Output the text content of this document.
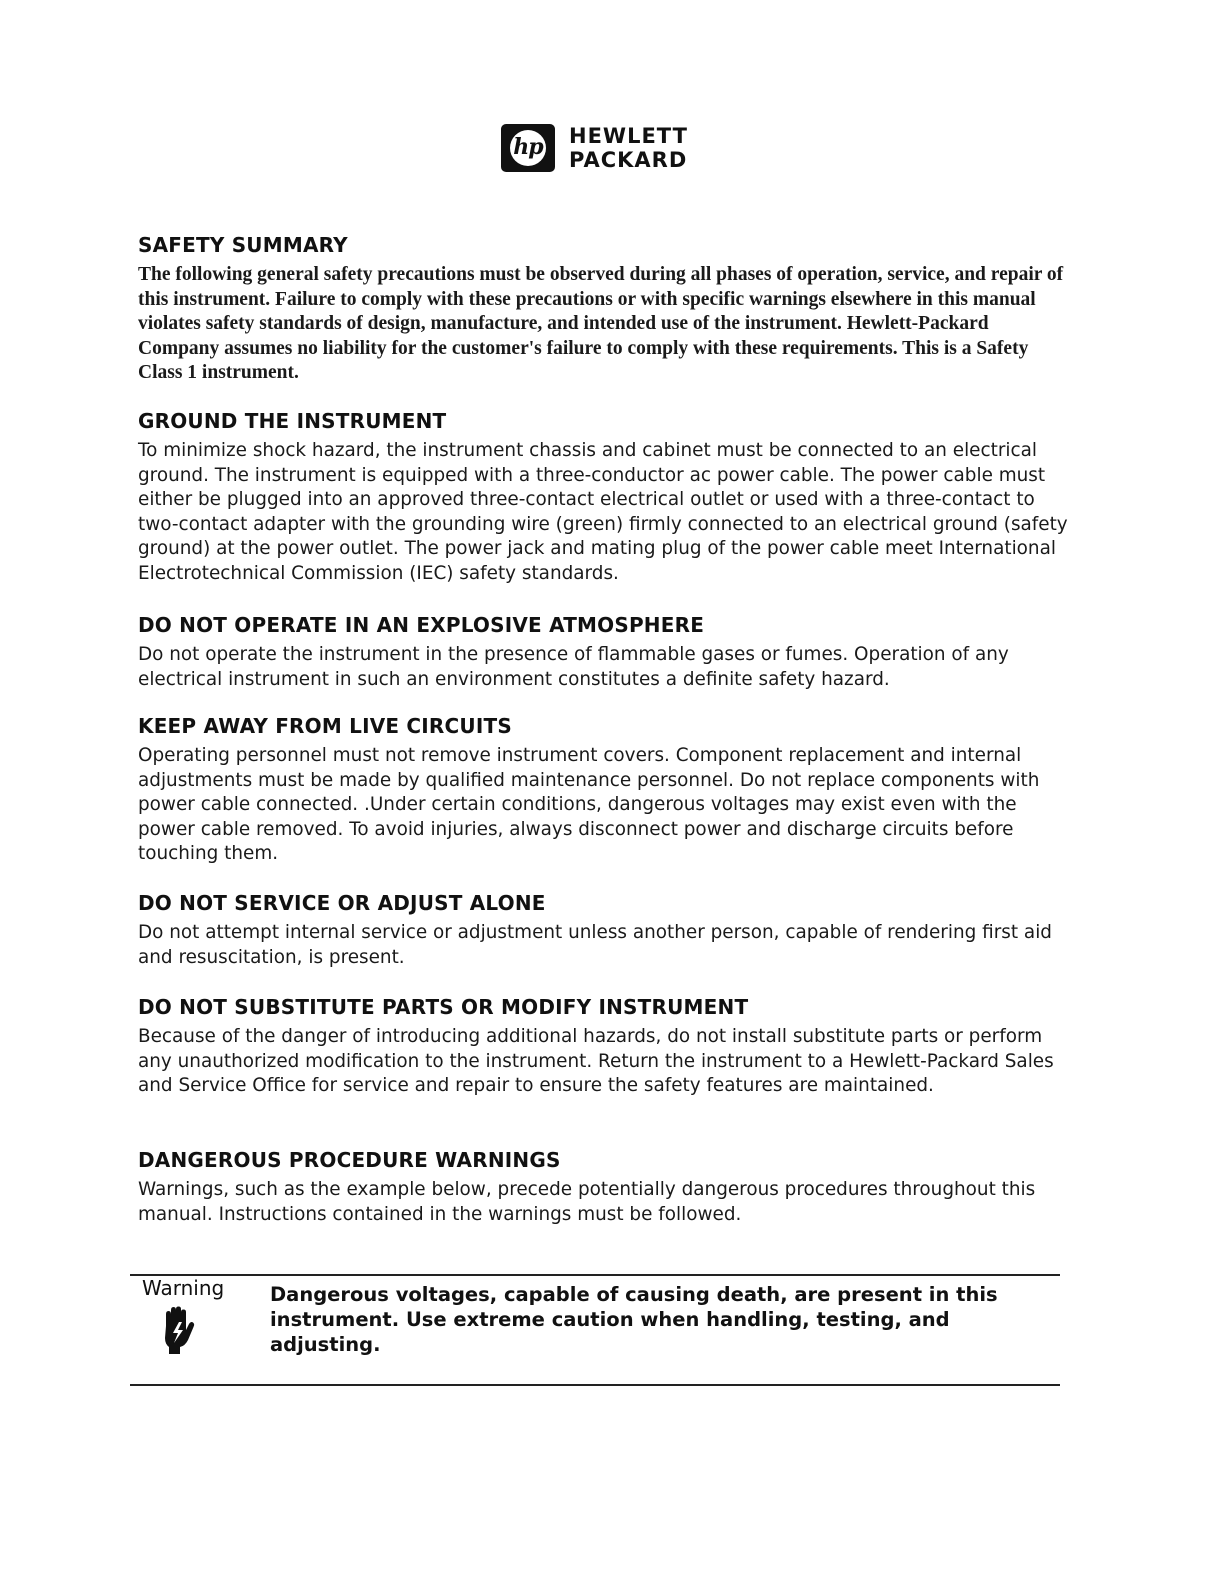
hp HEWLETT
PACKARD
SAFETY SUMMARY

The following general safety precautions must be observed during all phases of operation, service, and repair of this instrument. Failure to comply with these precautions or with specific warnings elsewhere in this manual violates safety standards of design, manufacture, and intended use of the instrument. Hewlett-Packard Company assumes no liability for the customer's failure to comply with these requirements. This is a Safety Class 1 instrument.

GROUND THE INSTRUMENT

To minimize shock hazard, the instrument chassis and cabinet must be connected to an electrical ground. The instrument is equipped with a three-conductor ac power cable. The power cable must either be plugged into an approved three-contact electrical outlet or used with a three-contact to two-contact adapter with the grounding wire (green) firmly connected to an electrical ground (safety ground) at the power outlet. The power jack and mating plug of the power cable meet International Electrotechnical Commission (IEC) safety standards.

DO NOT OPERATE IN AN EXPLOSIVE ATMOSPHERE

Do not operate the instrument in the presence of flammable gases or fumes. Operation of any electrical instrument in such an environment constitutes a definite safety hazard.

KEEP AWAY FROM LIVE CIRCUITS

Operating personnel must not remove instrument covers. Component replacement and internal adjustments must be made by qualified maintenance personnel. Do not replace components with power cable connected. .Under certain conditions, dangerous voltages may exist even with the power cable removed. To avoid injuries, always disconnect power and discharge circuits before touching them.

DO NOT SERVICE OR ADJUST ALONE

Do not attempt internal service or adjustment unless another person, capable of rendering first aid and resuscitation, is present.

DO NOT SUBSTITUTE PARTS OR MODIFY INSTRUMENT

Because of the danger of introducing additional hazards, do not install substitute parts or perform any unauthorized modification to the instrument. Return the instrument to a Hewlett-Packard Sales and Service Office for service and repair to ensure the safety features are maintained.

DANGEROUS PROCEDURE WARNINGS

Warnings, such as the example below, precede potentially dangerous procedures throughout this manual. Instructions contained in the warnings must be followed.

Warning Dangerous voltages, capable of causing death, are present in this instrument. Use extreme caution when handling, testing, and adjusting.
